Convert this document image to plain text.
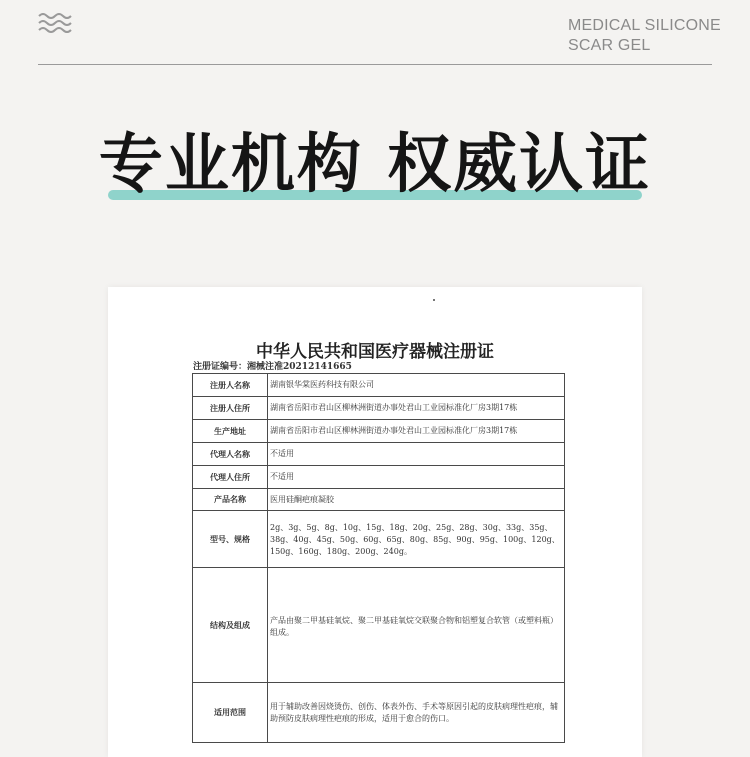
MEDICAL SILICONE
SCAR GEL
专业机构 权威认证
中华人民共和国医疗器械注册证
注册证编号：湘械注准20212141665
注册人名称	湖南银华棠医药科技有限公司
注册人住所	湖南省岳阳市君山区柳林洲街道办事处君山工业园标准化厂房3期17栋
生产地址	湖南省岳阳市君山区柳林洲街道办事处君山工业园标准化厂房3期17栋
代理人名称	不适用
代理人住所	不适用
产品名称	医用硅酮疤痕凝胶
型号、规格	2g、3g、5g、8g、10g、15g、18g、20g、25g、28g、30g、33g、35g、38g、40g、45g、50g、60g、65g、80g、85g、90g、95g、100g、120g、150g、160g、180g、200g、240g。
结构及组成	产品由聚二甲基硅氧烷、聚二甲基硅氧烷交联聚合物和铝塑复合软管（或塑料瓶）组成。
适用范围	用于辅助改善因烧烫伤、创伤、体表外伤、手术等原因引起的皮肤病理性疤痕，辅助预防皮肤病理性疤痕的形成，适用于愈合的伤口。
